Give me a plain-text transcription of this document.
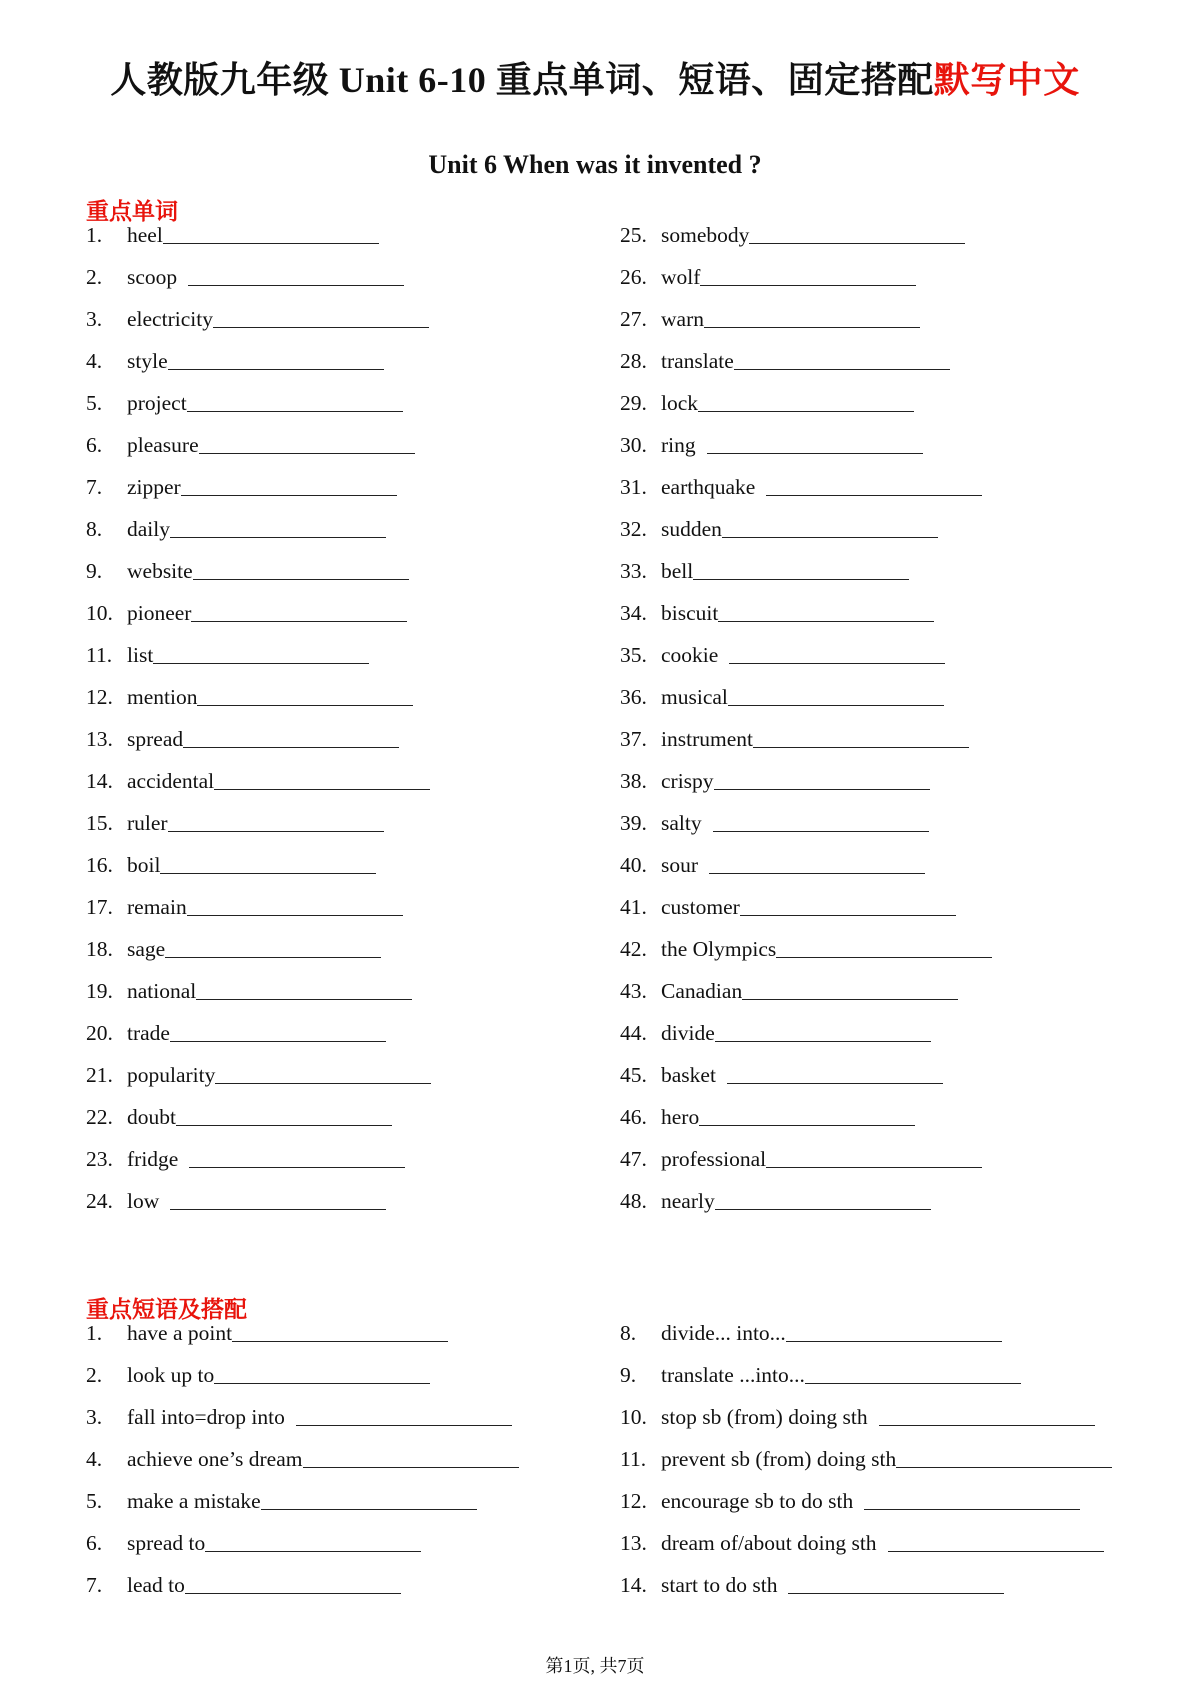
人教版九年级 Unit 6-10 重点单词、短语、固定搭配默写中文
Unit 6 When was it invented ?
重点单词
1. heel
2. scoop
3. electricity
4. style
5. project
6. pleasure
7. zipper
8. daily
9. website
10. pioneer
11. list
12. mention
13. spread
14. accidental
15. ruler
16. boil
17. remain
18. sage
19. national
20. trade
21. popularity
22. doubt
23. fridge
24. low
25. somebody
26. wolf
27. warn
28. translate
29. lock
30. ring
31. earthquake
32. sudden
33. bell
34. biscuit
35. cookie
36. musical
37. instrument
38. crispy
39. salty
40. sour
41. customer
42. the Olympics
43. Canadian
44. divide
45. basket
46. hero
47. professional
48. nearly
重点短语及搭配
1. have a point
2. look up to
3. fall into=drop into
4. achieve one’s dream
5. make a mistake
6. spread to
7. lead to
8. divide... into...
9. translate ...into...
10. stop sb (from) doing sth
11. prevent sb (from) doing sth
12. encourage sb to do sth
13. dream of/about doing sth
14. start to do sth
第1页, 共7页
